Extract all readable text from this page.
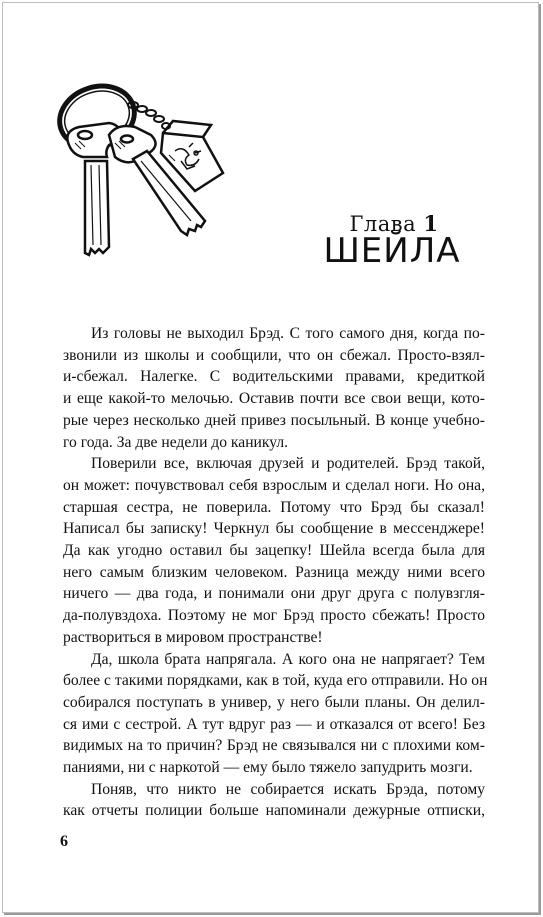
Глава 1
ШЕЙЛА
Из головы не выходил Брэд. С того самого дня, когда по-
звонили из школы и сообщили, что он сбежал. Просто-взял-
и-сбежал. Налегке. С водительскими правами, кредиткой
и еще какой-то мелочью. Оставив почти все свои вещи, кото-
рые через несколько дней привез посыльный. В конце учебно-
го года. За две недели до каникул.
Поверили все, включая друзей и родителей. Брэд такой,
он может: почувствовал себя взрослым и сделал ноги. Но она,
старшая сестра, не поверила. Потому что Брэд бы сказал!
Написал бы записку! Черкнул бы сообщение в мессенджере!
Да как угодно оставил бы зацепку! Шейла всегда была для
него самым близким человеком. Разница между ними всего
ничего — два года, и понимали они друг друга с полувзгля-
да-полувздоха. Поэтому не мог Брэд просто сбежать! Просто
раствориться в мировом пространстве!
Да, школа брата напрягала. А кого она не напрягает? Тем
более с такими порядками, как в той, куда его отправили. Но он
собирался поступать в универ, у него были планы. Он делил-
ся ими с сестрой. А тут вдруг раз — и отказался от всего! Без
видимых на то причин? Брэд не связывался ни с плохими ком-
паниями, ни с наркотой — ему было тяжело запудрить мозги.
Поняв, что никто не собирается искать Брэда, потому
как отчеты полиции больше напоминали дежурные отписки,
6
